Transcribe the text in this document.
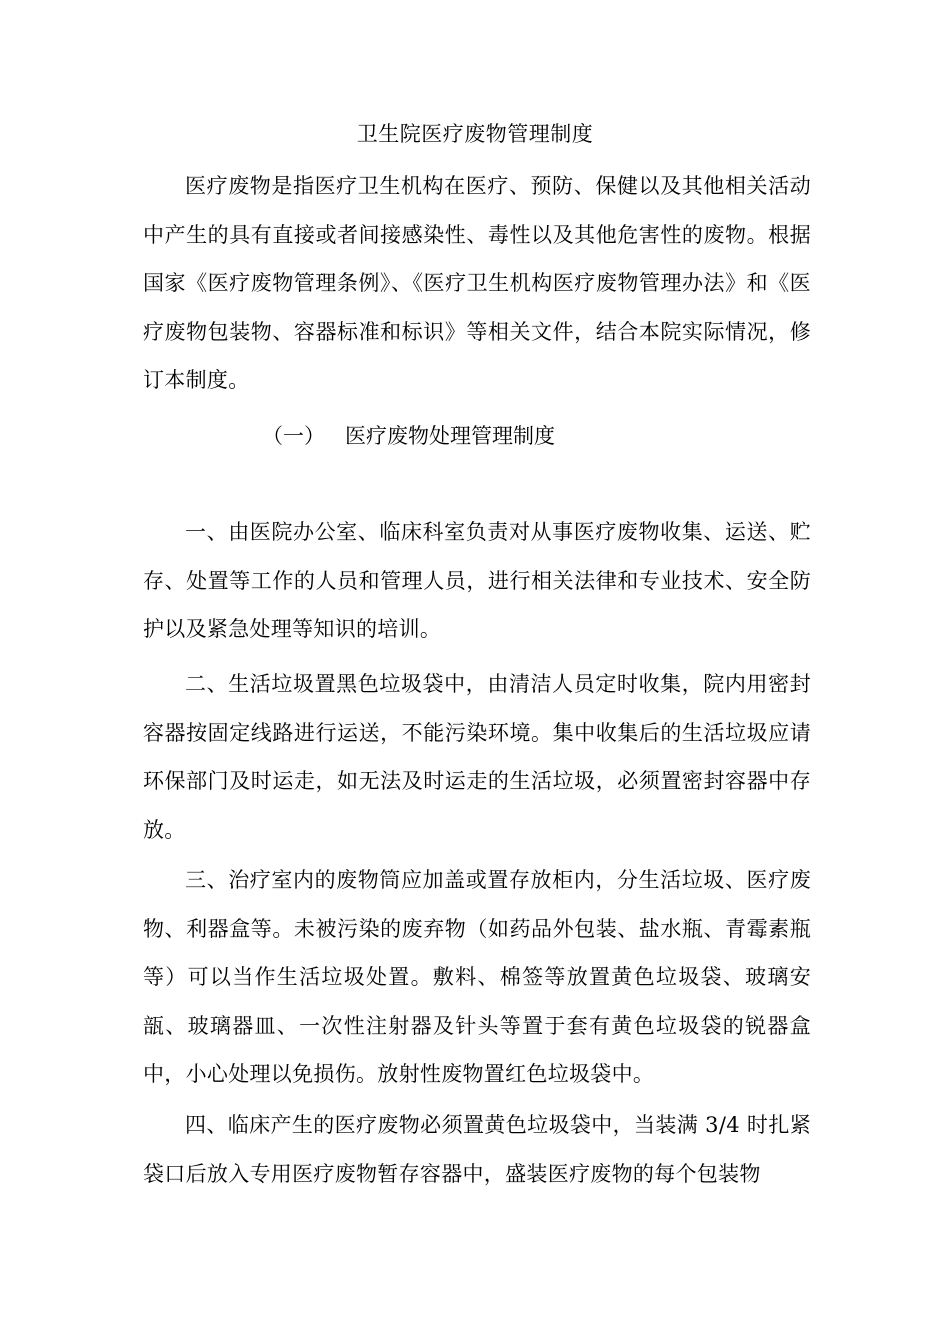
卫生院医疗废物管理制度

医疗废物是指医疗卫生机构在医疗、预防、保健以及其他相关活动中产生的具有直接或者间接感染性、毒性以及其他危害性的废物。根据国家《医疗废物管理条例》、《医疗卫生机构医疗废物管理办法》和《医疗废物包装物、容器标准和标识》等相关文件，结合本院实际情况，修订本制度。

（一）   医疗废物处理管理制度

一、由医院办公室、临床科室负责对从事医疗废物收集、运送、贮存、处置等工作的人员和管理人员，进行相关法律和专业技术、安全防护以及紧急处理等知识的培训。

二、生活垃圾置黑色垃圾袋中，由清洁人员定时收集，院内用密封容器按固定线路进行运送，不能污染环境。集中收集后的生活垃圾应请环保部门及时运走，如无法及时运走的生活垃圾，必须置密封容器中存放。

三、治疗室内的废物筒应加盖或置存放柜内，分生活垃圾、医疗废物、利器盒等。未被污染的废弃物（如药品外包装、盐水瓶、青霉素瓶等）可以当作生活垃圾处置。敷料、棉签等放置黄色垃圾袋、玻璃安瓿、玻璃器皿、一次性注射器及针头等置于套有黄色垃圾袋的锐器盒中，小心处理以免损伤。放射性废物置红色垃圾袋中。

四、临床产生的医疗废物必须置黄色垃圾袋中，当装满 3/4 时扎紧袋口后放入专用医疗废物暂存容器中，盛装医疗废物的每个包装物
